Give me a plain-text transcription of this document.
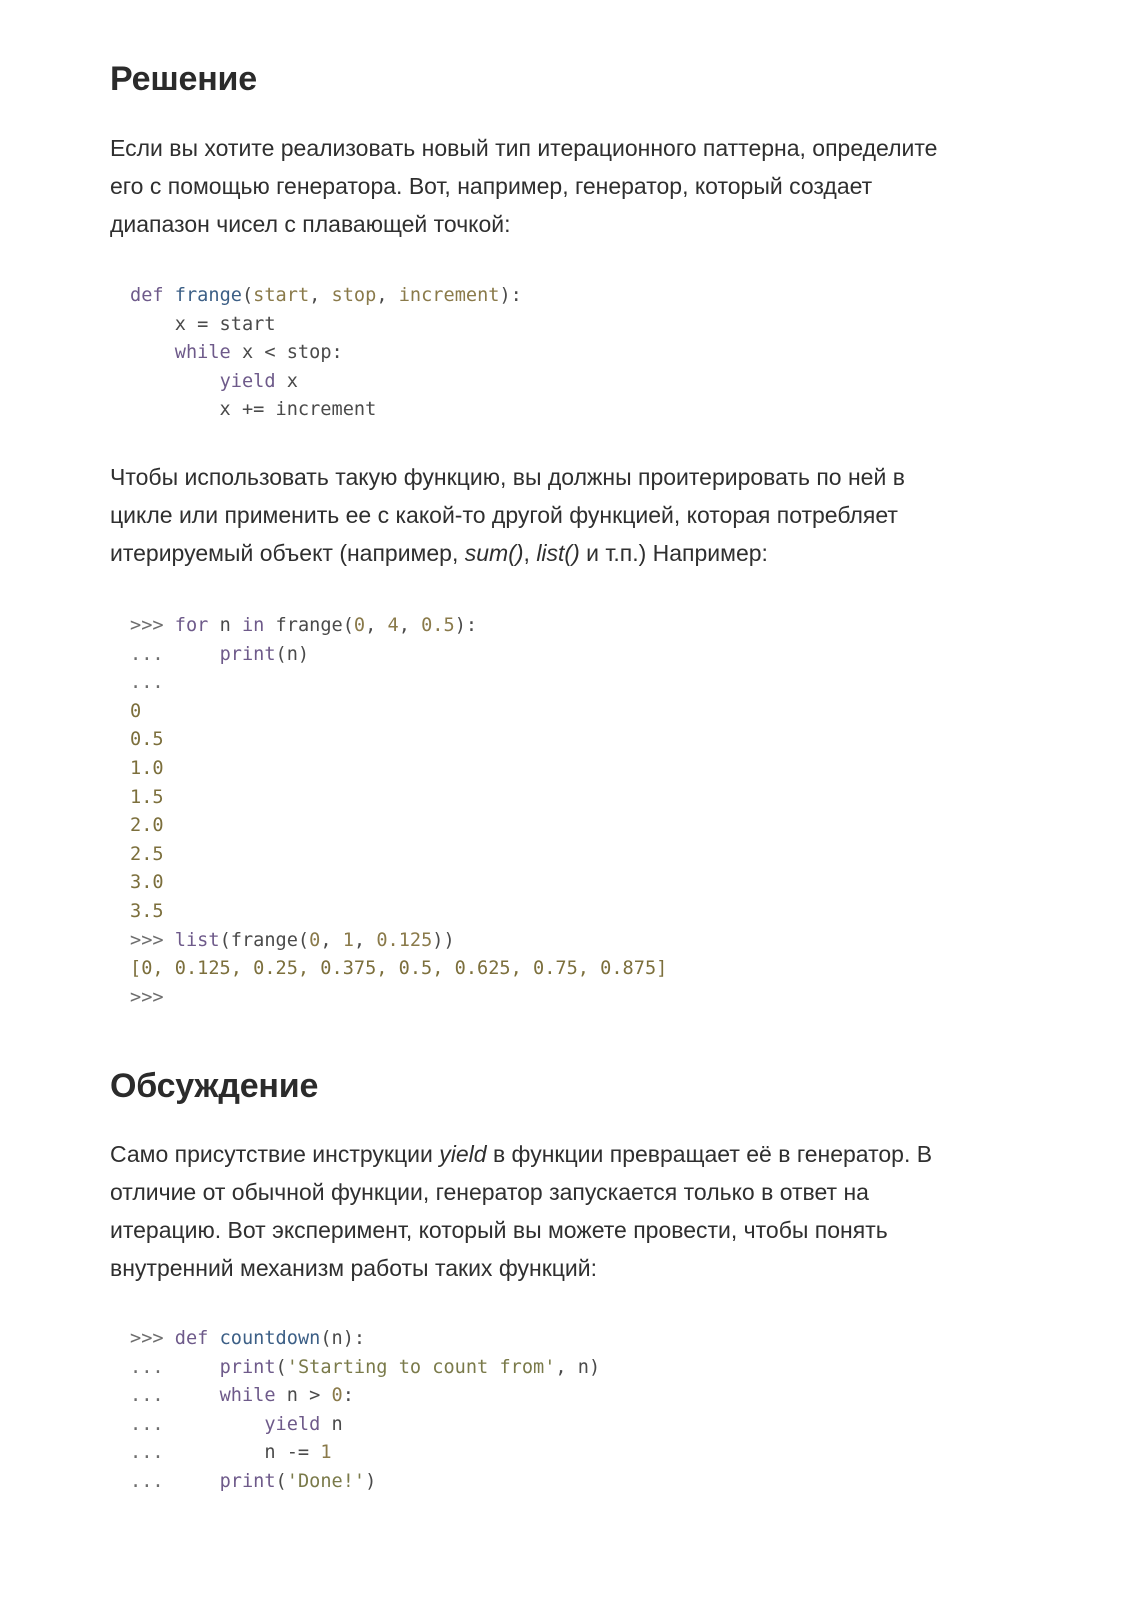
Решение

Если вы хотите реализовать новый тип итерационного паттерна, определите
его с помощью генератора. Вот, например, генератор, который создает
диапазон чисел с плавающей точкой:

def frange(start, stop, increment):
x = start
while x < stop:
yield x
x += increment

Чтобы использовать такую функцию, вы должны проитерировать по ней в
цикле или применить ее с какой-то другой функцией, которая потребляет
итерируемый объект (например, sum(), list() и т.п.) Например:

>>> for n in frange(0, 4, 0.5):
...     print(n)
...
0
0.5
1.0
1.5
2.0
2.5
3.0
3.5
>>> list(frange(0, 1, 0.125))
[0, 0.125, 0.25, 0.375, 0.5, 0.625, 0.75, 0.875]
>>>
Обсуждение

Само присутствие инструкции yield в функции превращает её в генератор. В
отличие от обычной функции, генератор запускается только в ответ на
итерацию. Вот эксперимент, который вы можете провести, чтобы понять
внутренний механизм работы таких функций:

>>> def countdown(n):
...     print('Starting to count from', n)
...     while n > 0:
...         yield n
...         n -= 1
...     print('Done!')
